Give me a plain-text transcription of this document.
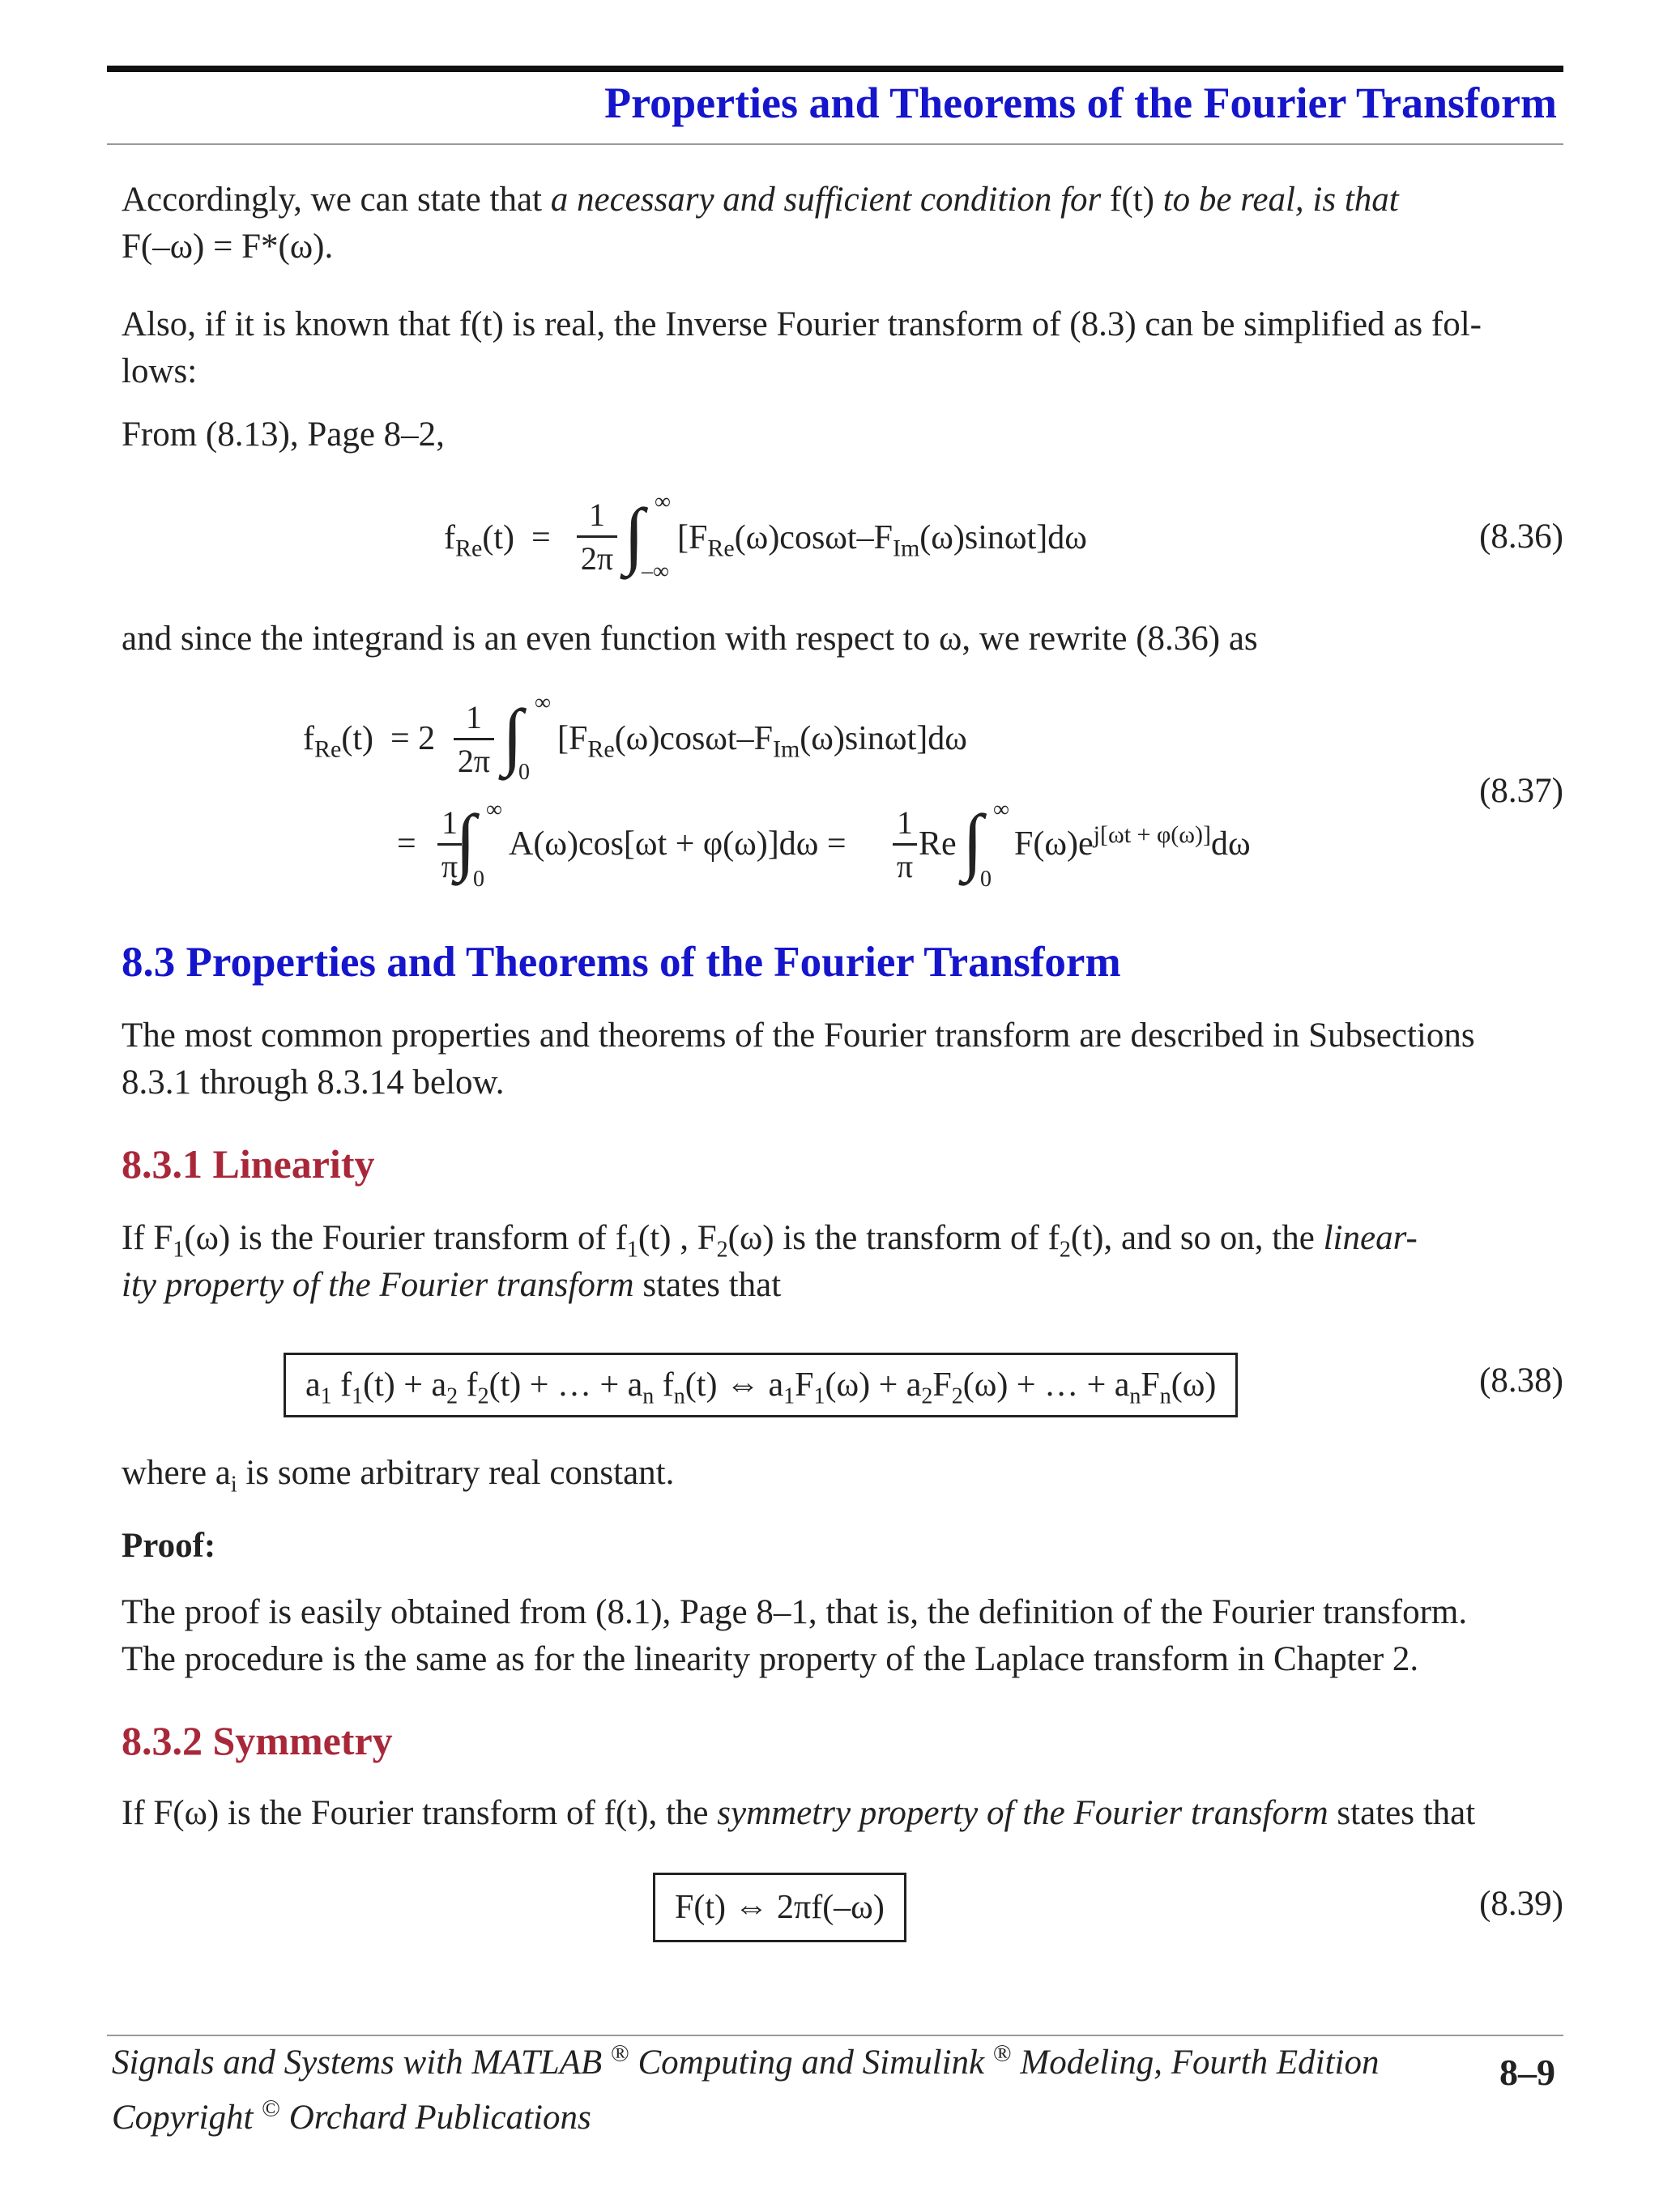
Properties and Theorems of the Fourier Transform
Accordingly, we can state that a necessary and sufficient condition for f(t) to be real, is that
F(–ω) = F*(ω).
Also, if it is known that f(t) is real, the Inverse Fourier transform of (8.3) can be simplified as fol-
lows:
From (8.13), Page 8–2,
$f_{Re}(t)$  =
1
2π ∫ ∞
–∞
$[F_{Re}(\omega)\cos\omega t-F_{Im}(\omega)\sin\omega t]d\omega$	(8.36)
and since the integrand is an even function with respect to ω, we rewrite (8.36) as
$f_{Re}(t) = 2$
1
2π ∫ ∞
0
$[F_{Re}(\omega)\cos\omega t-F_{Im}(\omega)\sin\omega t]d\omega$
=
1
π
∫ ∞
0
A(ω)cos[ωt + φ(ω)]dω =
1
π
Re ∫ ∞
0
$F(\omega)e^{j[\omega t + \varphi(\omega)]}d\omega$
(8.37)
8.3 Properties and Theorems of the Fourier Transform
The most common properties and theorems of the Fourier transform are described in Subsections
8.3.1 through 8.3.14 below.
8.3.1 Linearity
If $F_1(\omega)$ is the Fourier transform of $f_1(t)$ , $F_2(\omega)$ is the transform of $f_2(t)$, and so on, the linear-
ity property of the Fourier transform states that
$a_1$ $f_1(t) + a_2$ $f_2(t)$ + … + $a_n$ $f_n(t)$ ⇔ $a_1F_1(\omega) + a_2F_2(\omega)$ + … + $a_nF_n(\omega)$	(8.38)
where $a_i$ is some arbitrary real constant.
Proof:
The proof is easily obtained from (8.1), Page 8–1, that is, the definition of the Fourier transform.
The procedure is the same as for the linearity property of the Laplace transform in Chapter 2.
8.3.2 Symmetry
If F(ω) is the Fourier transform of f(t), the symmetry property of the Fourier transform states that
F(t) ⇔ 2πf(–ω)	(8.39)
Signals and Systems with MATLAB ® Computing and Simulink ® Modeling, Fourth Edition
Copyright © Orchard Publications
8–9
